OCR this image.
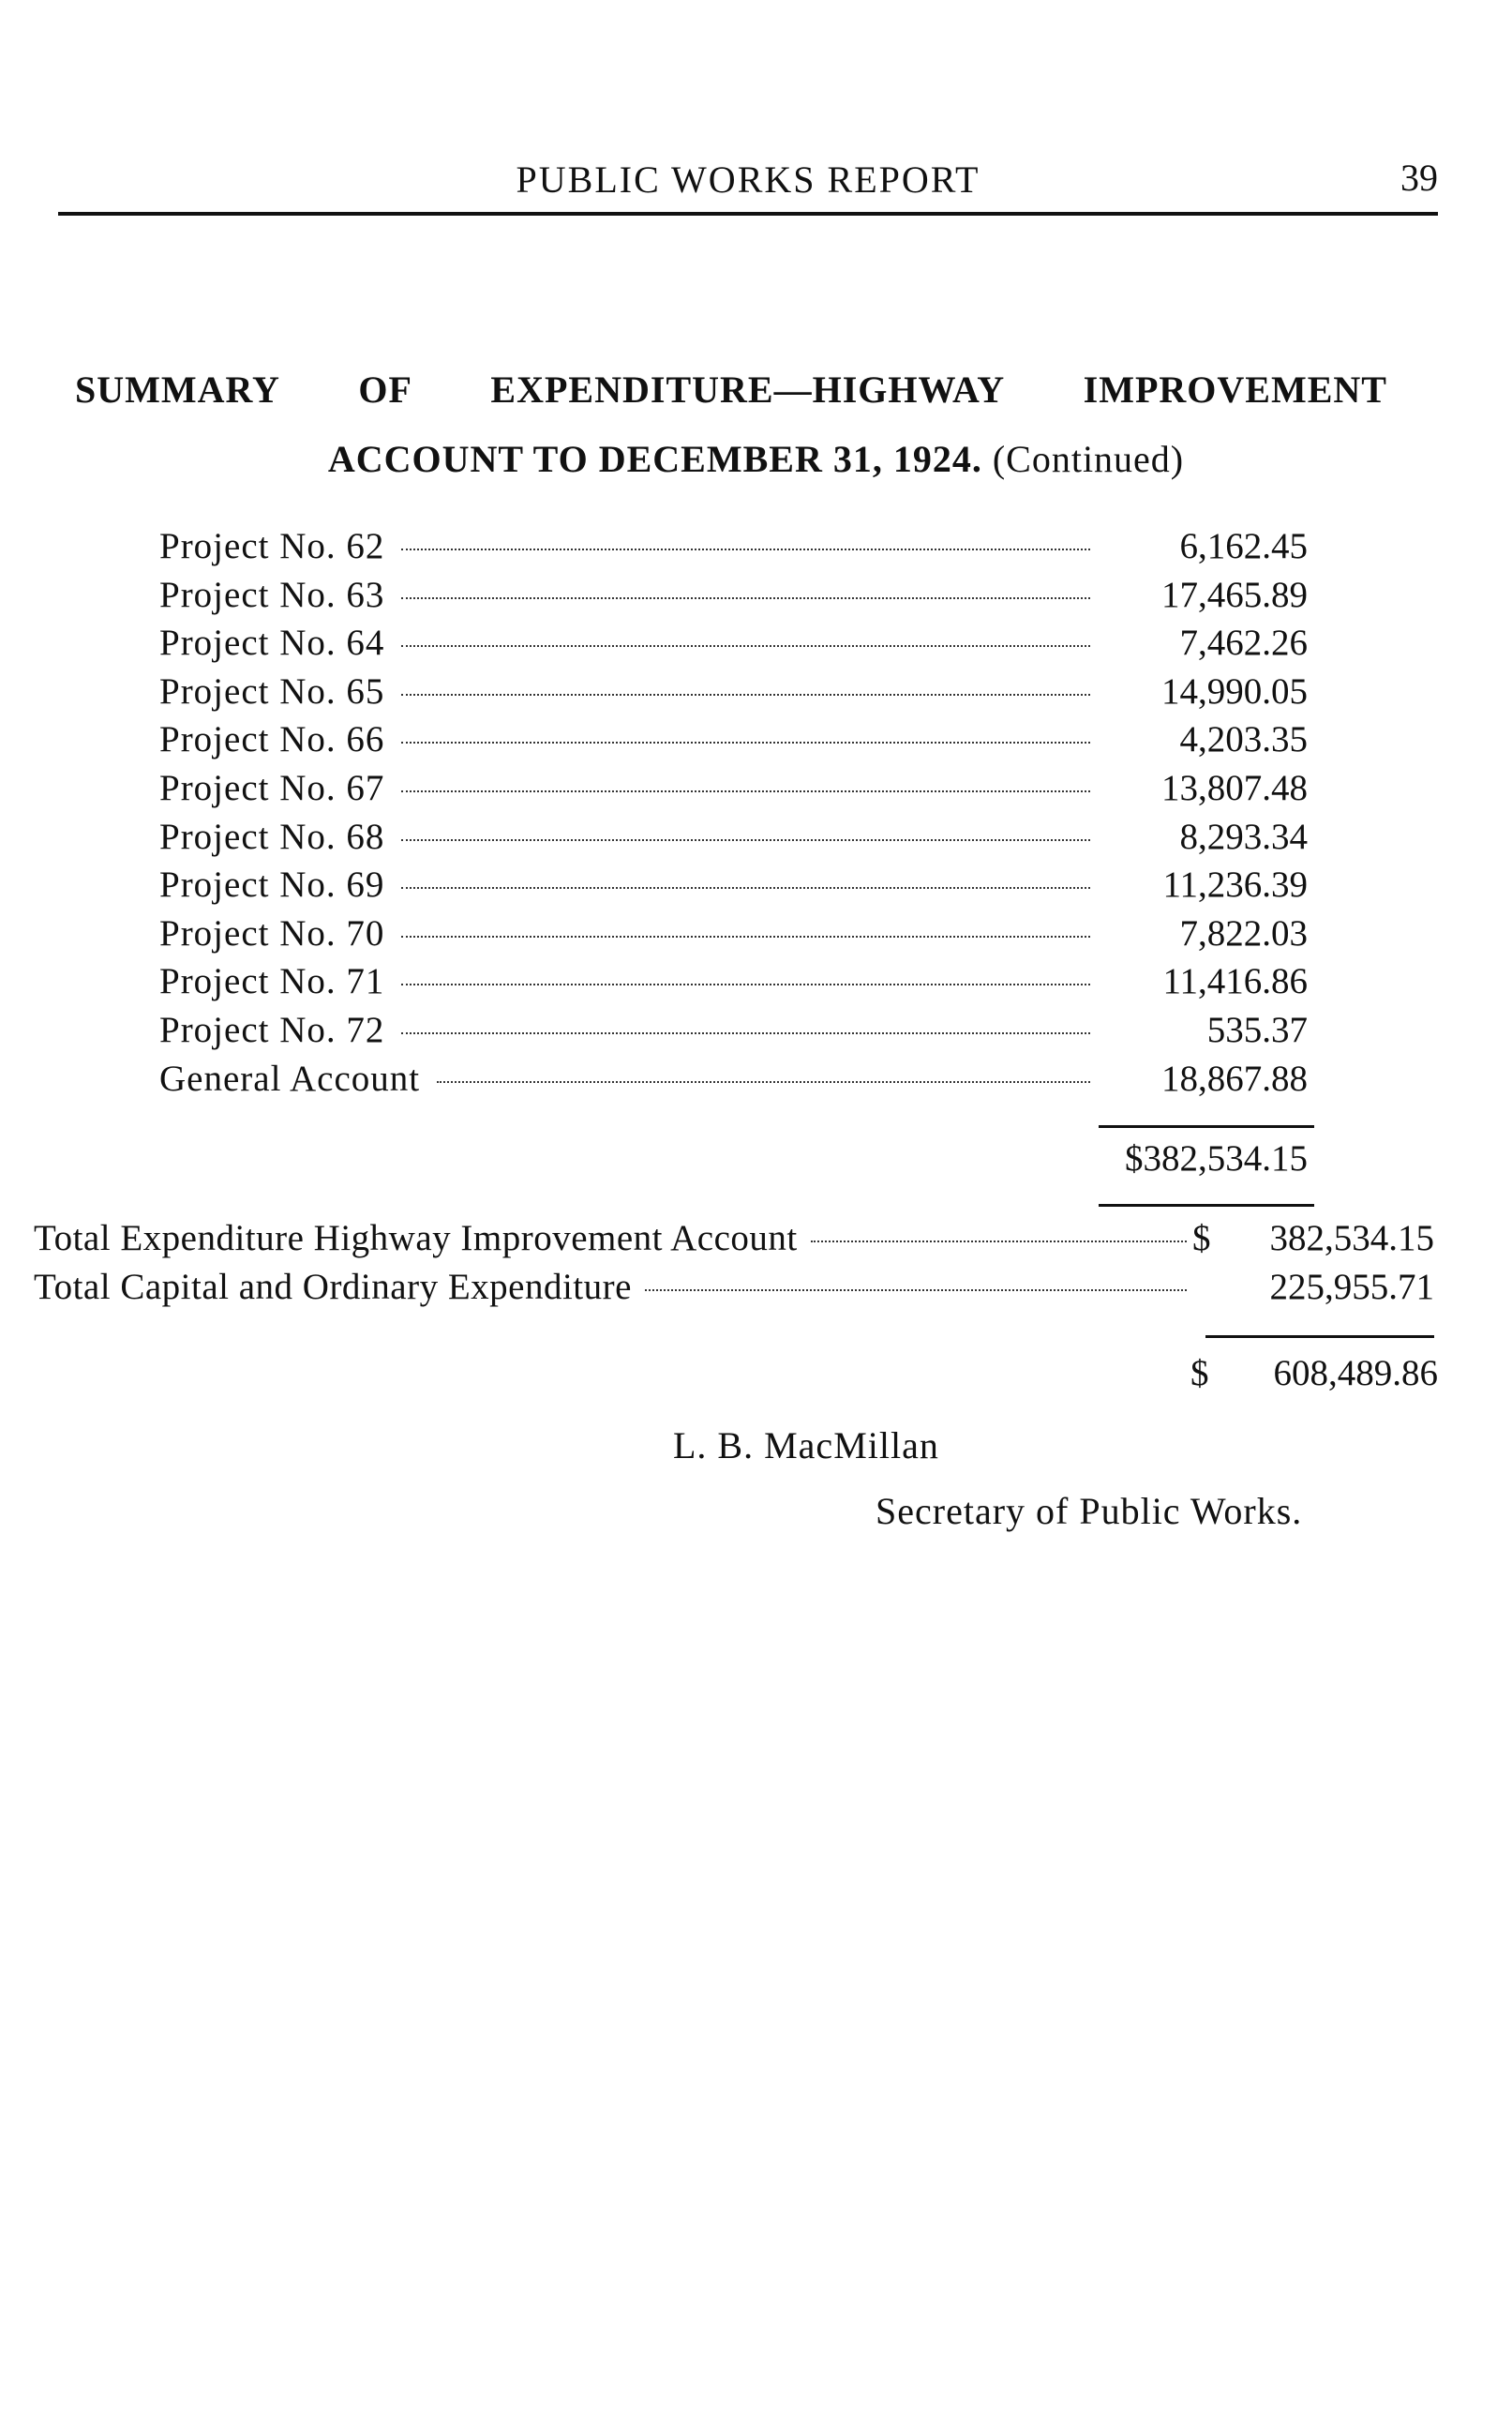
PUBLIC WORKS REPORT	39
SUMMARY OF EXPENDITURE—HIGHWAY IMPROVEMENT
ACCOUNT TO DECEMBER 31, 1924. (Continued)
Project No. 62	6,162.45
Project No. 63	17,465.89
Project No. 64	7,462.26
Project No. 65	14,990.05
Project No. 66	4,203.35
Project No. 67	13,807.48
Project No. 68	8,293.34
Project No. 69	11,236.39
Project No. 70	7,822.03
Project No. 71	11,416.86
Project No. 72	535.37
General Account	18,867.88
$382,534.15
Total Expenditure Highway Improvement Account	$	382,534.15
Total Capital and Ordinary Expenditure	225,955.71
$ 608,489.86
L. B. MacMillan
Secretary of Public Works.
